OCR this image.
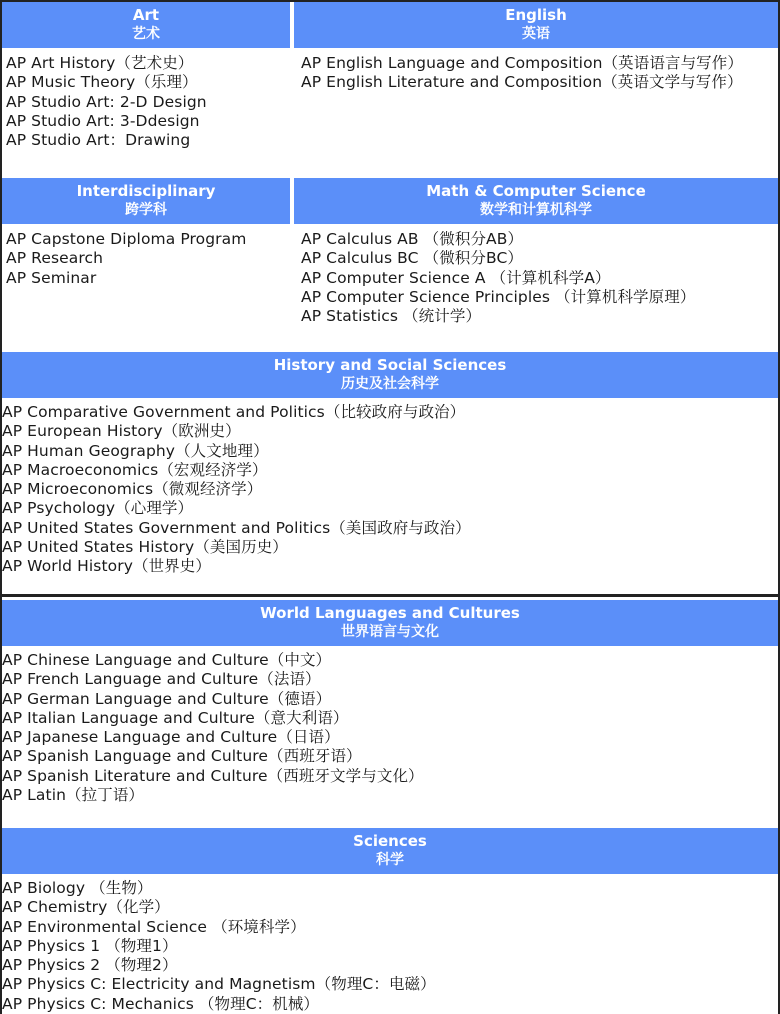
Art
艺术
English
英语
AP Art History（艺术史）
AP Music Theory（乐理）
AP Studio Art: 2-D Design
AP Studio Art: 3-Ddesign
AP Studio Art：Drawing
AP English Language and Composition（英语语言与写作）
AP English Literature and Composition（英语文学与写作）
Interdisciplinary
跨学科
Math & Computer Science
数学和计算机科学
AP Capstone Diploma Program
AP Research
AP Seminar
AP Calculus AB （微积分AB）
AP Calculus BC （微积分BC）
AP Computer Science A （计算机科学A）
AP Computer Science Principles （计算机科学原理）
AP Statistics （统计学）
History and Social Sciences
历史及社会科学
AP Comparative Government and Politics（比较政府与政治）
AP European History（欧洲史）
AP Human Geography（人文地理）
AP Macroeconomics（宏观经济学）
AP Microeconomics（微观经济学）
AP Psychology（心理学）
AP United States Government and Politics（美国政府与政治）
AP United States History（美国历史）
AP World History（世界史）
World Languages and Cultures
世界语言与文化
AP Chinese Language and Culture（中文）
AP French Language and Culture（法语）
AP German Language and Culture（德语）
AP Italian Language and Culture（意大利语）
AP Japanese Language and Culture（日语）
AP Spanish Language and Culture（西班牙语）
AP Spanish Literature and Culture（西班牙文学与文化）
AP Latin（拉丁语）
Sciences
科学
AP Biology （生物）
AP Chemistry（化学）
AP Environmental Science （环境科学）
AP Physics 1 （物理1）
AP Physics 2 （物理2）
AP Physics C: Electricity and Magnetism（物理C：电磁）
AP Physics C: Mechanics （物理C：机械）
